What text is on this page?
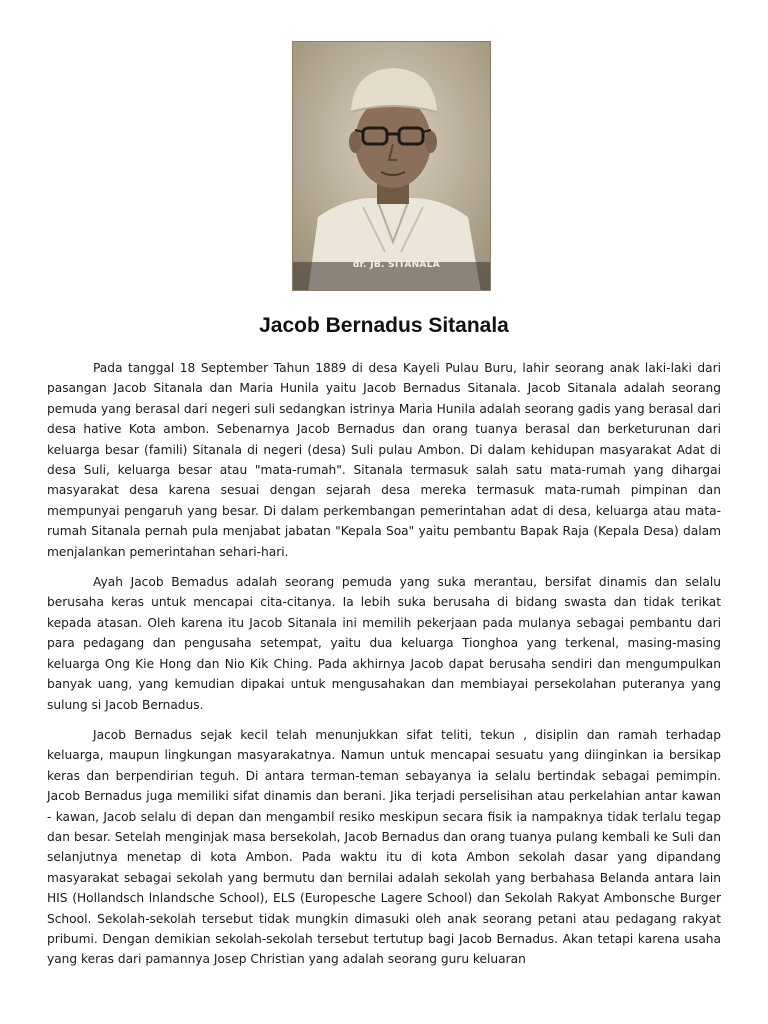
dr. JB. SITANALA
Jacob Bernadus Sitanala

Pada tanggal 18 September Tahun 1889 di desa Kayeli Pulau Buru, lahir seorang anak laki-laki dari pasangan Jacob Sitanala dan Maria Hunila yaitu Jacob Bernadus Sitanala. Jacob Sitanala adalah seorang pemuda yang berasal dari negeri suli sedangkan istrinya Maria Hunila adalah seorang gadis yang berasal dari desa hative Kota ambon. Sebenarnya Jacob Bernadus dan orang tuanya berasal dan berketurunan dari keluarga besar (famili) Sitanala di negeri (desa) Suli pulau Ambon. Di dalam kehidupan masyarakat Adat di desa Suli, keluarga besar atau "mata-rumah". Sitanala termasuk salah satu mata-rumah yang dihargai masyarakat desa karena sesuai dengan sejarah desa mereka termasuk mata-rumah pimpinan dan mempunyai pengaruh yang besar. Di dalam perkembangan pemerintahan adat di desa, keluarga atau mata-rumah Sitanala pernah pula menjabat jabatan "Kepala Soa" yaitu pembantu Bapak Raja (Kepala Desa) dalam menjalankan pemerintahan sehari-hari.

Ayah Jacob Bemadus adalah seorang pemuda yang suka merantau, bersifat dinamis dan selalu berusaha keras untuk mencapai cita-citanya. Ia lebih suka berusaha di bidang swasta dan tidak terikat kepada atasan. Oleh karena itu Jacob Sitanala ini memilih pekerjaan pada mulanya sebagai pembantu dari para pedagang dan pengusaha setempat, yaitu dua keluarga Tionghoa yang terkenal, masing-masing keluarga Ong Kie Hong dan Nio Kik Ching. Pada akhirnya Jacob dapat berusaha sendiri dan mengumpulkan banyak uang, yang kemudian dipakai untuk mengusahakan dan membiayai persekolahan puteranya yang sulung si Jacob Bernadus.

Jacob Bernadus sejak kecil telah menunjukkan sifat teliti, tekun , disiplin dan ramah terhadap keluarga, maupun lingkungan masyarakatnya. Namun untuk mencapai sesuatu yang diinginkan ia bersikap keras dan berpendirian teguh. Di antara terman-teman sebayanya ia selalu bertindak sebagai pemimpin. Jacob Bernadus juga memiliki sifat dinamis dan berani. Jika terjadi perselisihan atau perkelahian antar kawan - kawan, Jacob selalu di depan dan mengambil resiko meskipun secara fisik ia nampaknya tidak terlalu tegap dan besar. Setelah menginjak masa bersekolah, Jacob Bernadus dan orang tuanya pulang kembali ke Suli dan selanjutnya menetap di kota Ambon. Pada waktu itu di kota Ambon sekolah dasar yang dipandang masyarakat sebagai sekolah yang bermutu dan bernilai adalah sekolah yang berbahasa Belanda antara lain HIS (Hollandsch lnlandsche School), ELS (Europesche Lagere School) dan Sekolah Rakyat Ambonsche Burger School. Sekolah-sekolah tersebut tidak mungkin dimasuki oleh anak seorang petani atau pedagang rakyat pribumi. Dengan demikian sekolah-sekolah tersebut tertutup bagi Jacob Bernadus. Akan tetapi karena usaha yang keras dari pamannya Josep Christian yang adalah seorang guru keluaran
